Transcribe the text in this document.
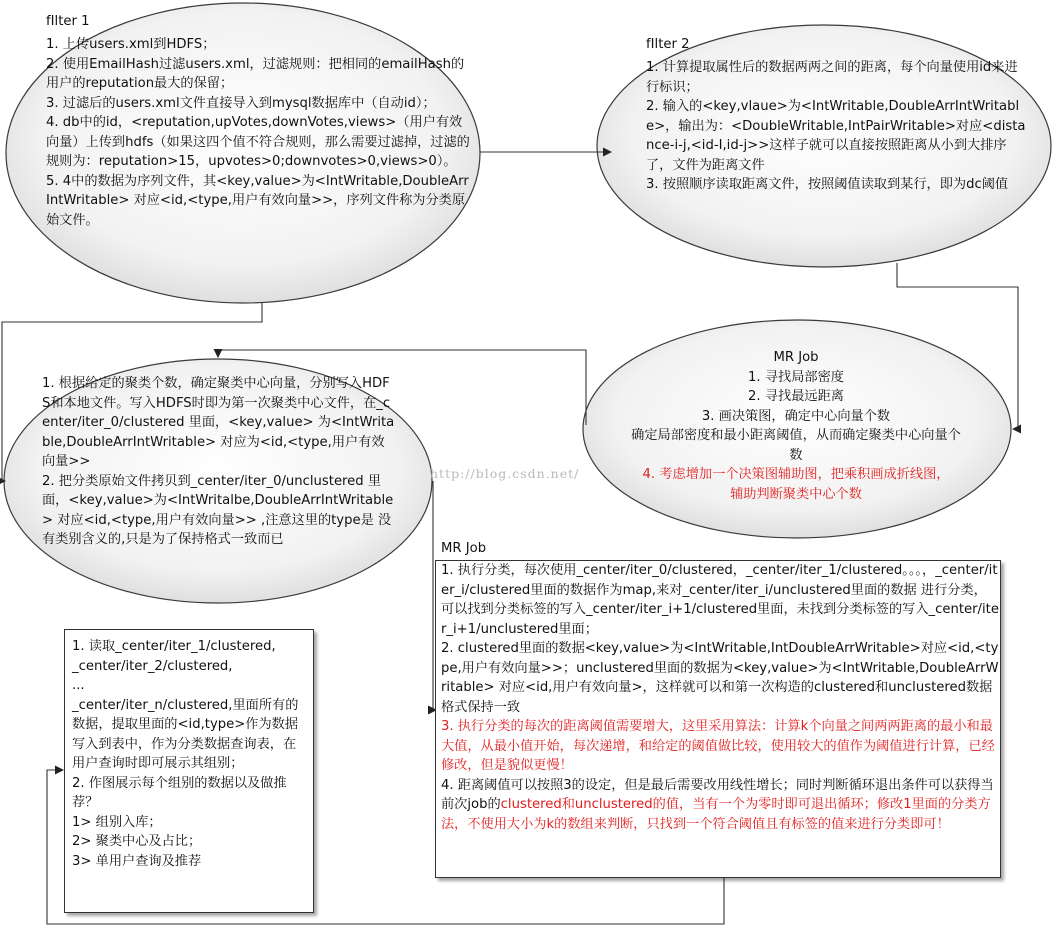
fIlter 1

1. 上传users.xml到HDFS；

2. 使用EmailHash过滤users.xml，过滤规则：把相同的emailHash的用户的reputation最大的保留；

3. 过滤后的users.xml文件直接导入到mysql数据库中（自动id）；

4. db中的id，<reputation,upVotes,downVotes,views>（用户有效向量）上传到hdfs（如果这四个值不符合规则，那么需要过滤掉，过滤的规则为：reputation>15，upvotes>0;downvotes>0,views>0）。

5. 4中的数据为序列文件，其<key,value>为<IntWritable,DoubleArrIntWritable> 对应<id,<type,用户有效向量>>，序列文件称为分类原始文件。

fIlter 2

1. 计算提取属性后的数据两两之间的距离，每个向量使用id来进行标识；

2. 输入的<key,vlaue>为<IntWritable,DoubleArrIntWritable>，输出为：<DoubleWritable,IntPairWritable>对应<distance-i-j,<id-I,id-j>>这样子就可以直接按照距离从小到大排序了，文件为距离文件

3. 按照顺序读取距离文件，按照阈值读取到某行，即为dc阈值

MR Job

1. 寻找局部密度

2. 寻找最远距离

3. 画决策图，确定中心向量个数

确定局部密度和最小距离阈值，从而确定聚类中心向量个数

4. 考虑增加一个决策图辅助图，把乘积画成折线图，辅助判断聚类中心个数

1. 根据给定的聚类个数，确定聚类中心向量，分别写入HDFS和本地文件。写入HDFS时即为第一次聚类中心文件，在_center/iter_0/clustered 里面，<key,value> 为<IntWritable,DoubleArrIntWritable> 对应为<id,<type,用户有效向量>>

2. 把分类原始文件拷贝到_center/iter_0/unclustered 里面，<key,value>为<IntWritalbe,DoubleArrIntWritable> 对应<id,<type,用户有效向量>> ,注意这里的type是 没有类别含义的,只是为了保持格式一致而已

http://blog.csdn.net/
MR Job

1. 执行分类，每次使用_center/iter_0/clustered，_center/iter_1/clustered。。。，_center/iter_i/clustered里面的数据作为map,来对_center/iter_i/unclustered里面的数据 进行分类，可以找到分类标签的写入_center/iter_i+1/clustered里面，未找到分类标签的写入_center/iter_i+1/unclustered里面；

2. clustered里面的数据<key,value>为<IntWritable,IntDoubleArrWritable>对应<id,<type,用户有效向量>>；unclustered里面的数据为<key,value>为<IntWritable,DoubleArrWritable> 对应<id,用户有效向量>，这样就可以和第一次构造的clustered和unclustered数据格式保持一致

3. 执行分类的每次的距离阈值需要增大，这里采用算法：计算k个向量之间两两距离的最小和最大值，从最小值开始，每次递增，和给定的阈值做比较，使用较大的值作为阈值进行计算，已经修改，但是貌似更慢！

4. 距离阈值可以按照3的设定，但是最后需要改用线性增长；同时判断循环退出条件可以获得当前次job的clustered和unclustered的值，当有一个为零时即可退出循环；修改1里面的分类方法，不使用大小为k的数组来判断，只找到一个符合阈值且有标签的值来进行分类即可！

1. 读取_center/iter_1/clustered,

_center/iter_2/clustered,

...

_center/iter_n/clustered,里面所有的数据，提取里面的<id,type>作为数据写入到表中，作为分类数据查询表，在用户查询时即可展示其组别；

2. 作图展示每个组别的数据以及做推荐？

1> 组别入库；

2> 聚类中心及占比；

3> 单用户查询及推荐
